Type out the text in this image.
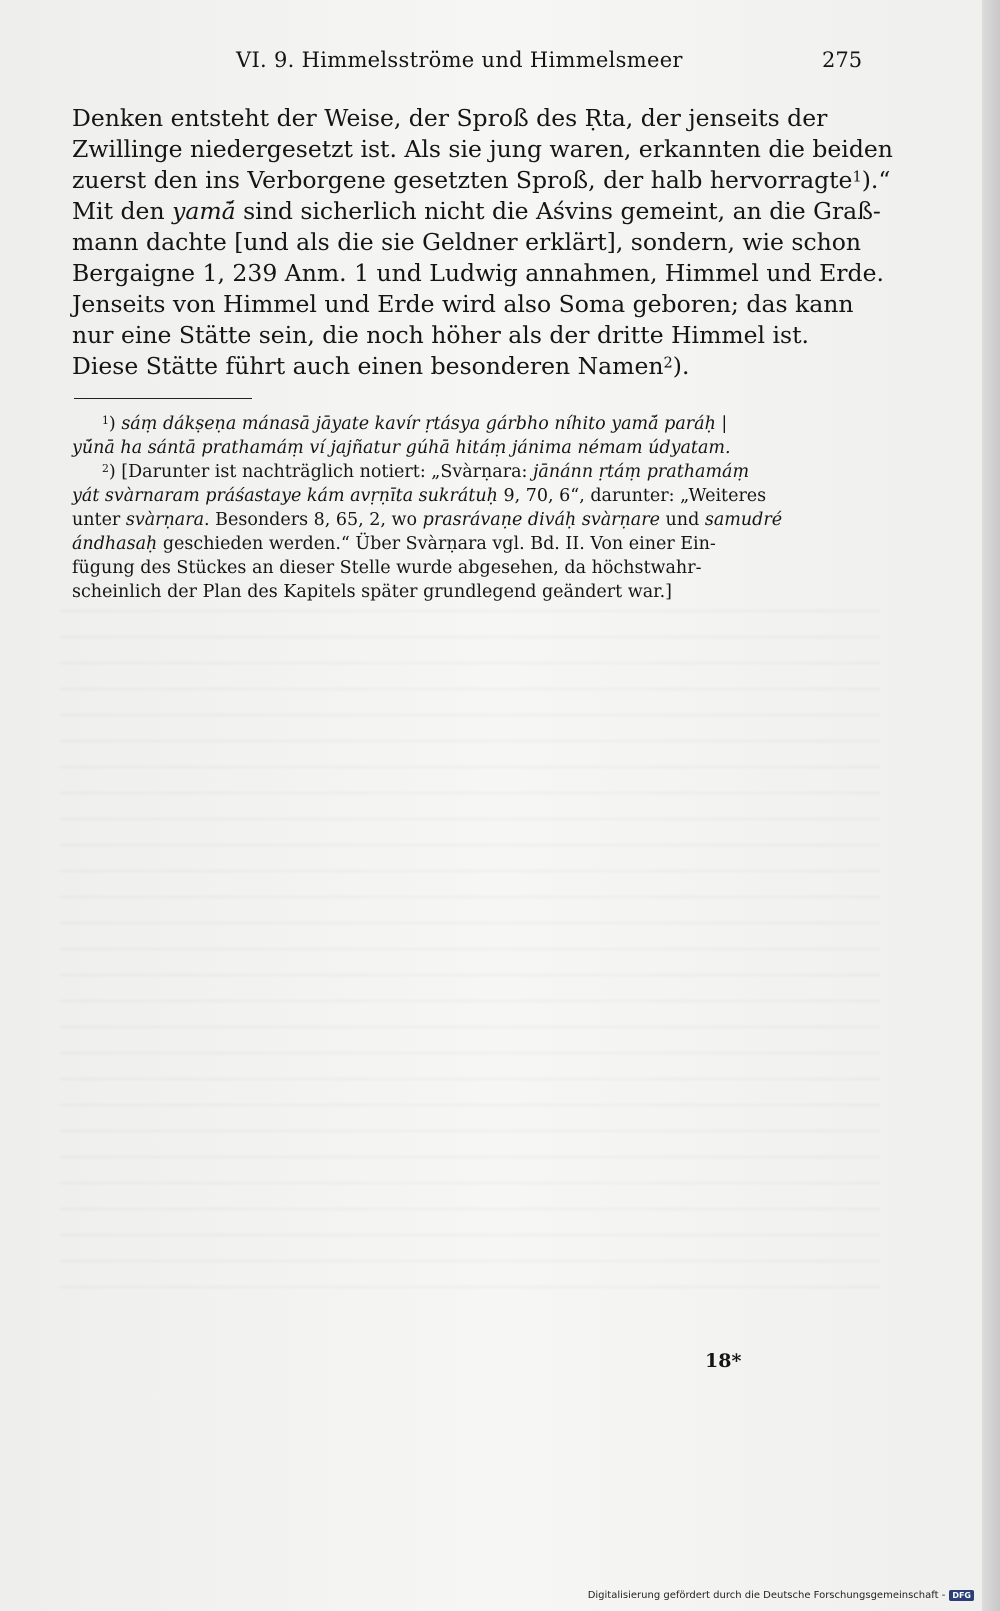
VI. 9. Himmelsströme und Himmelsmeer	275
Denken entsteht der Weise, der Sproß des Ṛta, der jenseits der
Zwillinge niedergesetzt ist. Als sie jung waren, erkannten die beiden
zuerst den ins Verborgene gesetzten Sproß, der halb hervorragte$^1$).“
Mit den yamā́ sind sicherlich nicht die Aśvins gemeint, an die Graß-
mann dachte [und als die sie Geldner erklärt], sondern, wie schon
Bergaigne 1, 239 Anm. 1 und Ludwig annahmen, Himmel und Erde.
Jenseits von Himmel und Erde wird also Soma geboren; das kann
nur eine Stätte sein, die noch höher als der dritte Himmel ist.
Diese Stätte führt auch einen besonderen Namen$^2$).
$^1$) sáṃ dákṣeṇa mánasā jāyate kavír ṛtásya gárbho níhito yamā́ paráḥ |
yū́nā ha sántā prathamáṃ ví jajñatur gúhā hitáṃ jánima némam údyatam.
$^2$) [Darunter ist nachträglich notiert: „Svàrṇara: jānánn ṛtáṃ prathamáṃ
yát svàrnaram práśastaye kám avṛṇīta sukrátuḥ 9, 70, 6“, darunter: „Weiteres
unter svàrṇara. Besonders 8, 65, 2, wo prasrávaṇe diváḥ svàrṇare und samudré
ándhasaḥ geschieden werden.“ Über Svàrṇara vgl. Bd. II. Von einer Ein-
fügung des Stückes an dieser Stelle wurde abgesehen, da höchstwahr-
scheinlich der Plan des Kapitels später grundlegend geändert war.]
18*
Digitalisierung gefördert durch die Deutsche Forschungsgemeinschaft - DFG
